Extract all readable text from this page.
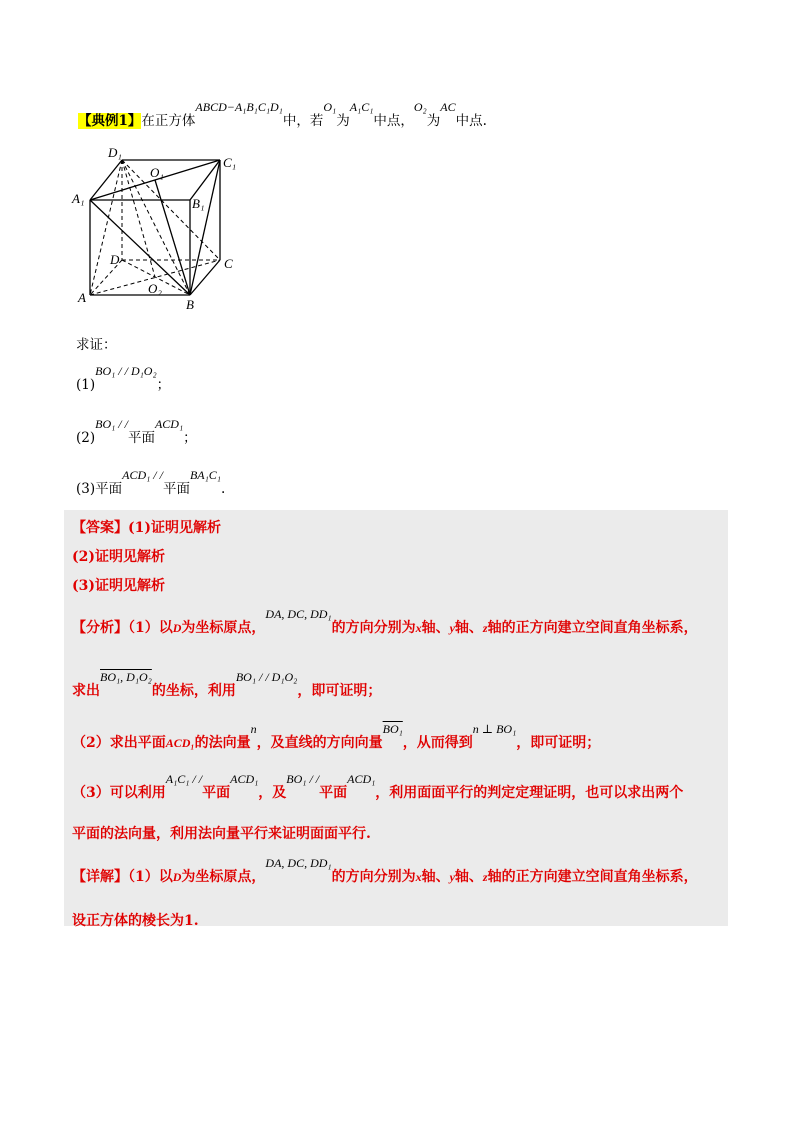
【典例1】在正方体ABCD−A₁B₁C₁D₁中，若O₁为A₁C₁中点，O₂为AC中点.
D₁
C₁
O₁
A₁	B₁
D	C
O₂
A	B
求证：
(1)BO₁ / / D₁O₂；
(2)BO₁ / /平面ACD₁；
(3)平面ACD₁ / /平面BA₁C₁.
【答案】(1)证明见解析
(2)证明见解析
(3)证明见解析
【分析】（1）以D为坐标原点，DA, DC, DD₁的方向分别为x轴、y轴、z轴的正方向建立空间直角坐标系，
求出BO₁, D₁O₂的坐标，利用BO₁ / / D₁O₂，即可证明；
（2）求出平面ACD₁的法向量n，及直线的方向向量BO₁，从而得到n ⊥ BO₁，即可证明；
（3）可以利用A₁C₁ / /平面ACD₁，及BO₁ / /平面ACD₁，利用面面平行的判定定理证明，也可以求出两个
平面的法向量，利用法向量平行来证明面面平行.
【详解】（1）以D为坐标原点，DA, DC, DD₁的方向分别为x轴、y轴、z轴的正方向建立空间直角坐标系，
设正方体的棱长为1.
